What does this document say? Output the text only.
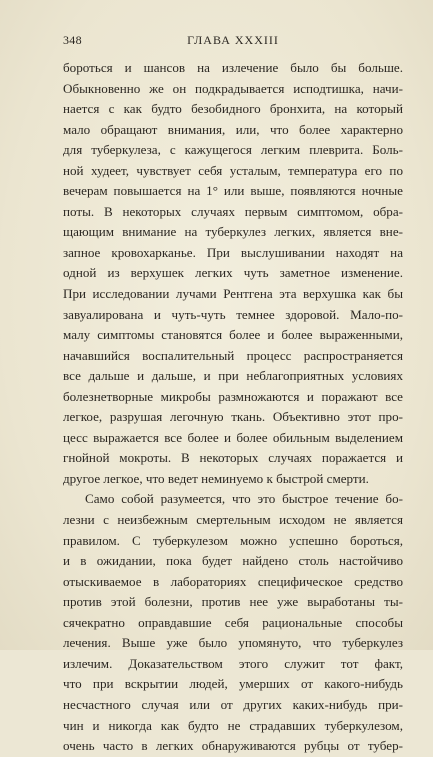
348	ГЛАВА XXXIII
бороться и шансов на излечение было бы больше.
Обыкновенно же он подкрадывается исподтишка, начи-
нается с как будто безобидного бронхита, на который
мало обращают внимания, или, что более характерно
для туберкулеза, с кажущегося легким плеврита. Боль-
ной худеет, чувствует себя усталым, температура его по
вечерам повышается на 1° или выше, появляются ночные
поты. В некоторых случаях первым симптомом, обра-
щающим внимание на туберкулез легких, является вне-
запное кровохарканье. При выслушивании находят на
одной из верхушек легких чуть заметное изменение.
При исследовании лучами Рентгена эта верхушка как бы
завуалирована и чуть-чуть темнее здоровой. Мало-по-
малу симптомы становятся более и более выраженными,
начавшийся воспалительный процесс распространяется
все дальше и дальше, и при неблагоприятных условиях
болезнетворные микробы размножаются и поражают все
легкое, разрушая легочную ткань. Объективно этот про-
цесс выражается все более и более обильным выделением
гнойной мокроты. В некоторых случаях поражается и
другое легкое, что ведет неминуемо к быстрой смерти.
Само собой разумеется, что это быстрое течение бо-
лезни с неизбежным смертельным исходом не является
правилом. С туберкулезом можно успешно бороться,
и в ожидании, пока будет найдено столь настойчиво
отыскиваемое в лабораториях специфическое средство
против этой болезни, против нее уже выработаны ты-
сячекратно оправдавшие себя рациональные способы
лечения. Выше уже было упомянуто, что туберкулез
излечим. Доказательством этого служит тот факт,
что при вскрытии людей, умерших от какого-нибудь
несчастного случая или от других каких-нибудь при-
чин и никогда как будто не страдавших туберкулезом,
очень часто в легких обнаруживаются рубцы от тубер-
